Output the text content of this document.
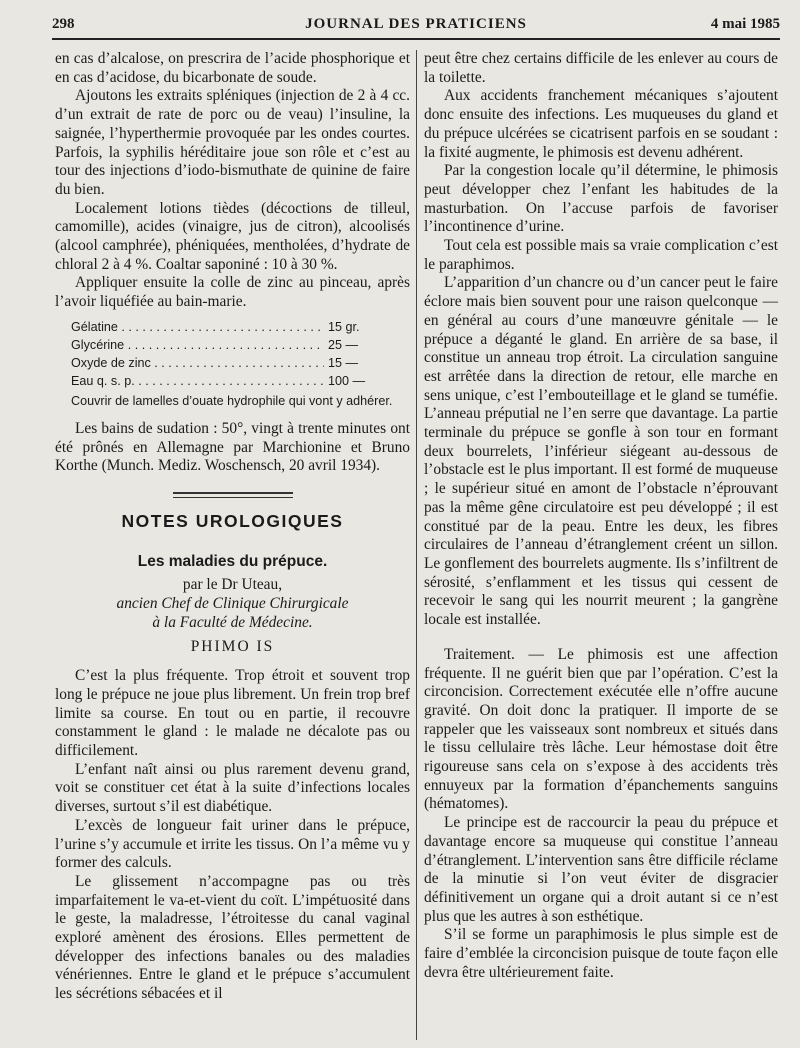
298	JOURNAL DES PRATICIENS	4 mai 1985

en cas d’alcalose, on prescrira de l’acide phosphorique et en cas d’acidose, du bicarbonate de soude.

Ajoutons les extraits spléniques (injection de 2 à 4 cc. d’un extrait de rate de porc ou de veau) l’insuline, la saignée, l’hyperthermie provoquée par les ondes courtes. Parfois, la syphilis héréditaire joue son rôle et c’est au tour des injections d’iodo-bismuthate de quinine de faire du bien.

Localement lotions tièdes (décoctions de tilleul, camomille), acides (vinaigre, jus de citron), alcoolisés (alcool camphrée), phéniquées, mentholées, d’hydrate de chloral 2 à 4 %. Coaltar saponiné : 10 à 30 %.

Appliquer ensuite la colle de zinc au pinceau, après l’avoir liquéfiée au bain-marie.

Gélatine . . .	15 gr.
Glycérine . . .	25 —
Oxyde de zinc . . .	15 —
Eau q. s. p. . . .	100 —
Couvrir de lamelles d’ouate hydrophile qui vont y adhérer.

Les bains de sudation : 50°, vingt à trente minutes ont été prônés en Allemagne par Marchionine et Bruno Korthe (Munch. Mediz. Woschensch, 20 avril 1934).

NOTES UROLOGIQUES
Les maladies du prépuce.

par le Dr Uteau,

ancien Chef de Clinique Chirurgicale

à la Faculté de Médecine.

PHIMO IS

C’est la plus fréquente. Trop étroit et souvent trop long le prépuce ne joue plus librement. Un frein trop bref limite sa course. En tout ou en partie, il recouvre constamment le gland : le malade ne décalote pas ou difficilement.

L’enfant naît ainsi ou plus rarement devenu grand, voit se constituer cet état à la suite d’infections locales diverses, surtout s’il est diabétique.

L’excès de longueur fait uriner dans le prépuce, l’urine s’y accumule et irrite les tissus. On l’a même vu y former des calculs.

Le glissement n’accompagne pas ou très imparfaitement le va-et-vient du coït. L’impétuosité dans le geste, la maladresse, l’étroitesse du canal vaginal exploré amènent des érosions. Elles permettent de développer des infections banales ou des maladies vénériennes. Entre le gland et le prépuce s’accumulent les sécrétions sébacées et il

peut être chez certains difficile de les enlever au cours de la toilette.

Aux accidents franchement mécaniques s’ajoutent donc ensuite des infections. Les muqueuses du gland et du prépuce ulcérées se cicatrisent parfois en se soudant : la fixité augmente, le phimosis est devenu adhérent.

Par la congestion locale qu’il détermine, le phimosis peut développer chez l’enfant les habitudes de la masturbation. On l’accuse parfois de favoriser l’incontinence d’urine.

Tout cela est possible mais sa vraie complication c’est le paraphimos.

L’apparition d’un chancre ou d’un cancer peut le faire éclore mais bien souvent pour une raison quelconque — en général au cours d’une manœuvre génitale — le prépuce a déganté le gland. En arrière de sa base, il constitue un anneau trop étroit. La circulation sanguine est arrêtée dans la direction de retour, elle marche en sens unique, c’est l’embouteillage et le gland se tuméfie. L’anneau préputial ne l’en serre que davantage. La partie terminale du prépuce se gonfle à son tour en formant deux bourrelets, l’inférieur siégeant au-dessous de l’obstacle est le plus important. Il est formé de muqueuse ; le supérieur situé en amont de l’obstacle n’éprouvant pas la même gêne circulatoire est peu développé ; il est constitué par de la peau. Entre les deux, les fibres circulaires de l’anneau d’étranglement créent un sillon. Le gonflement des bourrelets augmente. Ils s’infiltrent de sérosité, s’enflamment et les tissus qui cessent de recevoir le sang qui les nourrit meurent ; la gangrène locale est installée.

Traitement. — Le phimosis est une affection fréquente. Il ne guérit bien que par l’opération. C’est la circoncision. Correctement exécutée elle n’offre aucune gravité. On doit donc la pratiquer. Il importe de se rappeler que les vaisseaux sont nombreux et situés dans le tissu cellulaire très lâche. Leur hémostase doit être rigoureuse sans cela on s’expose à des accidents très ennuyeux par la formation d’épanchements sanguins (hématomes).

Le principe est de raccourcir la peau du prépuce et davantage encore sa muqueuse qui constitue l’anneau d’étranglement. L’intervention sans être difficile réclame de la minutie si l’on veut éviter de disgracier définitivement un organe qui a droit autant si ce n’est plus que les autres à son esthétique.

S’il se forme un paraphimosis le plus simple est de faire d’emblée la circoncision puisque de toute façon elle devra être ultérieurement faite.
